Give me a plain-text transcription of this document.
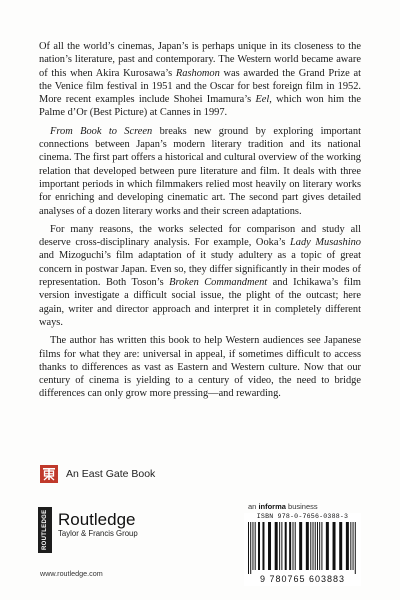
Of all the world’s cinemas, Japan’s is perhaps unique in its closeness to the nation’s literature, past and contemporary. The Western world became aware of this when Akira Kurosawa’s Rashomon was awarded the Grand Prize at the Venice film festival in 1951 and the Oscar for best foreign film in 1952. More recent examples include Shohei Imamura’s Eel, which won him the Palme d’Or (Best Picture) at Cannes in 1997.

From Book to Screen breaks new ground by exploring important connections between Japan’s modern literary tradition and its national cinema. The first part offers a historical and cultural overview of the working relation that developed between pure literature and film. It deals with three important periods in which filmmakers relied most heavily on literary works for enriching and developing cinematic art. The second part gives detailed analyses of a dozen literary works and their screen adaptations.

For many reasons, the works selected for comparison and study all deserve cross-disciplinary analysis. For example, Ooka’s Lady Musashino and Mizoguchi’s film adaptation of it study adultery as a topic of great concern in postwar Japan. Even so, they differ significantly in their modes of representation. Both Toson’s Broken Commandment and Ichikawa’s film version investigate a difficult social issue, the plight of the outcast; here again, writer and director approach and interpret it in completely different ways.

The author has written this book to help Western audiences see Japanese films for what they are: universal in appeal, if sometimes difficult to access thanks to differences as vast as Eastern and Western culture. Now that our century of cinema is yielding to a century of video, the need to bridge differences can only grow more pressing—and rewarding.

An East Gate Book
ROUTLEDGE Routledge
Taylor & Francis Group
www.routledge.com
an informa business
ISBN 978-0-7656-0388-3
9 780765 603883
